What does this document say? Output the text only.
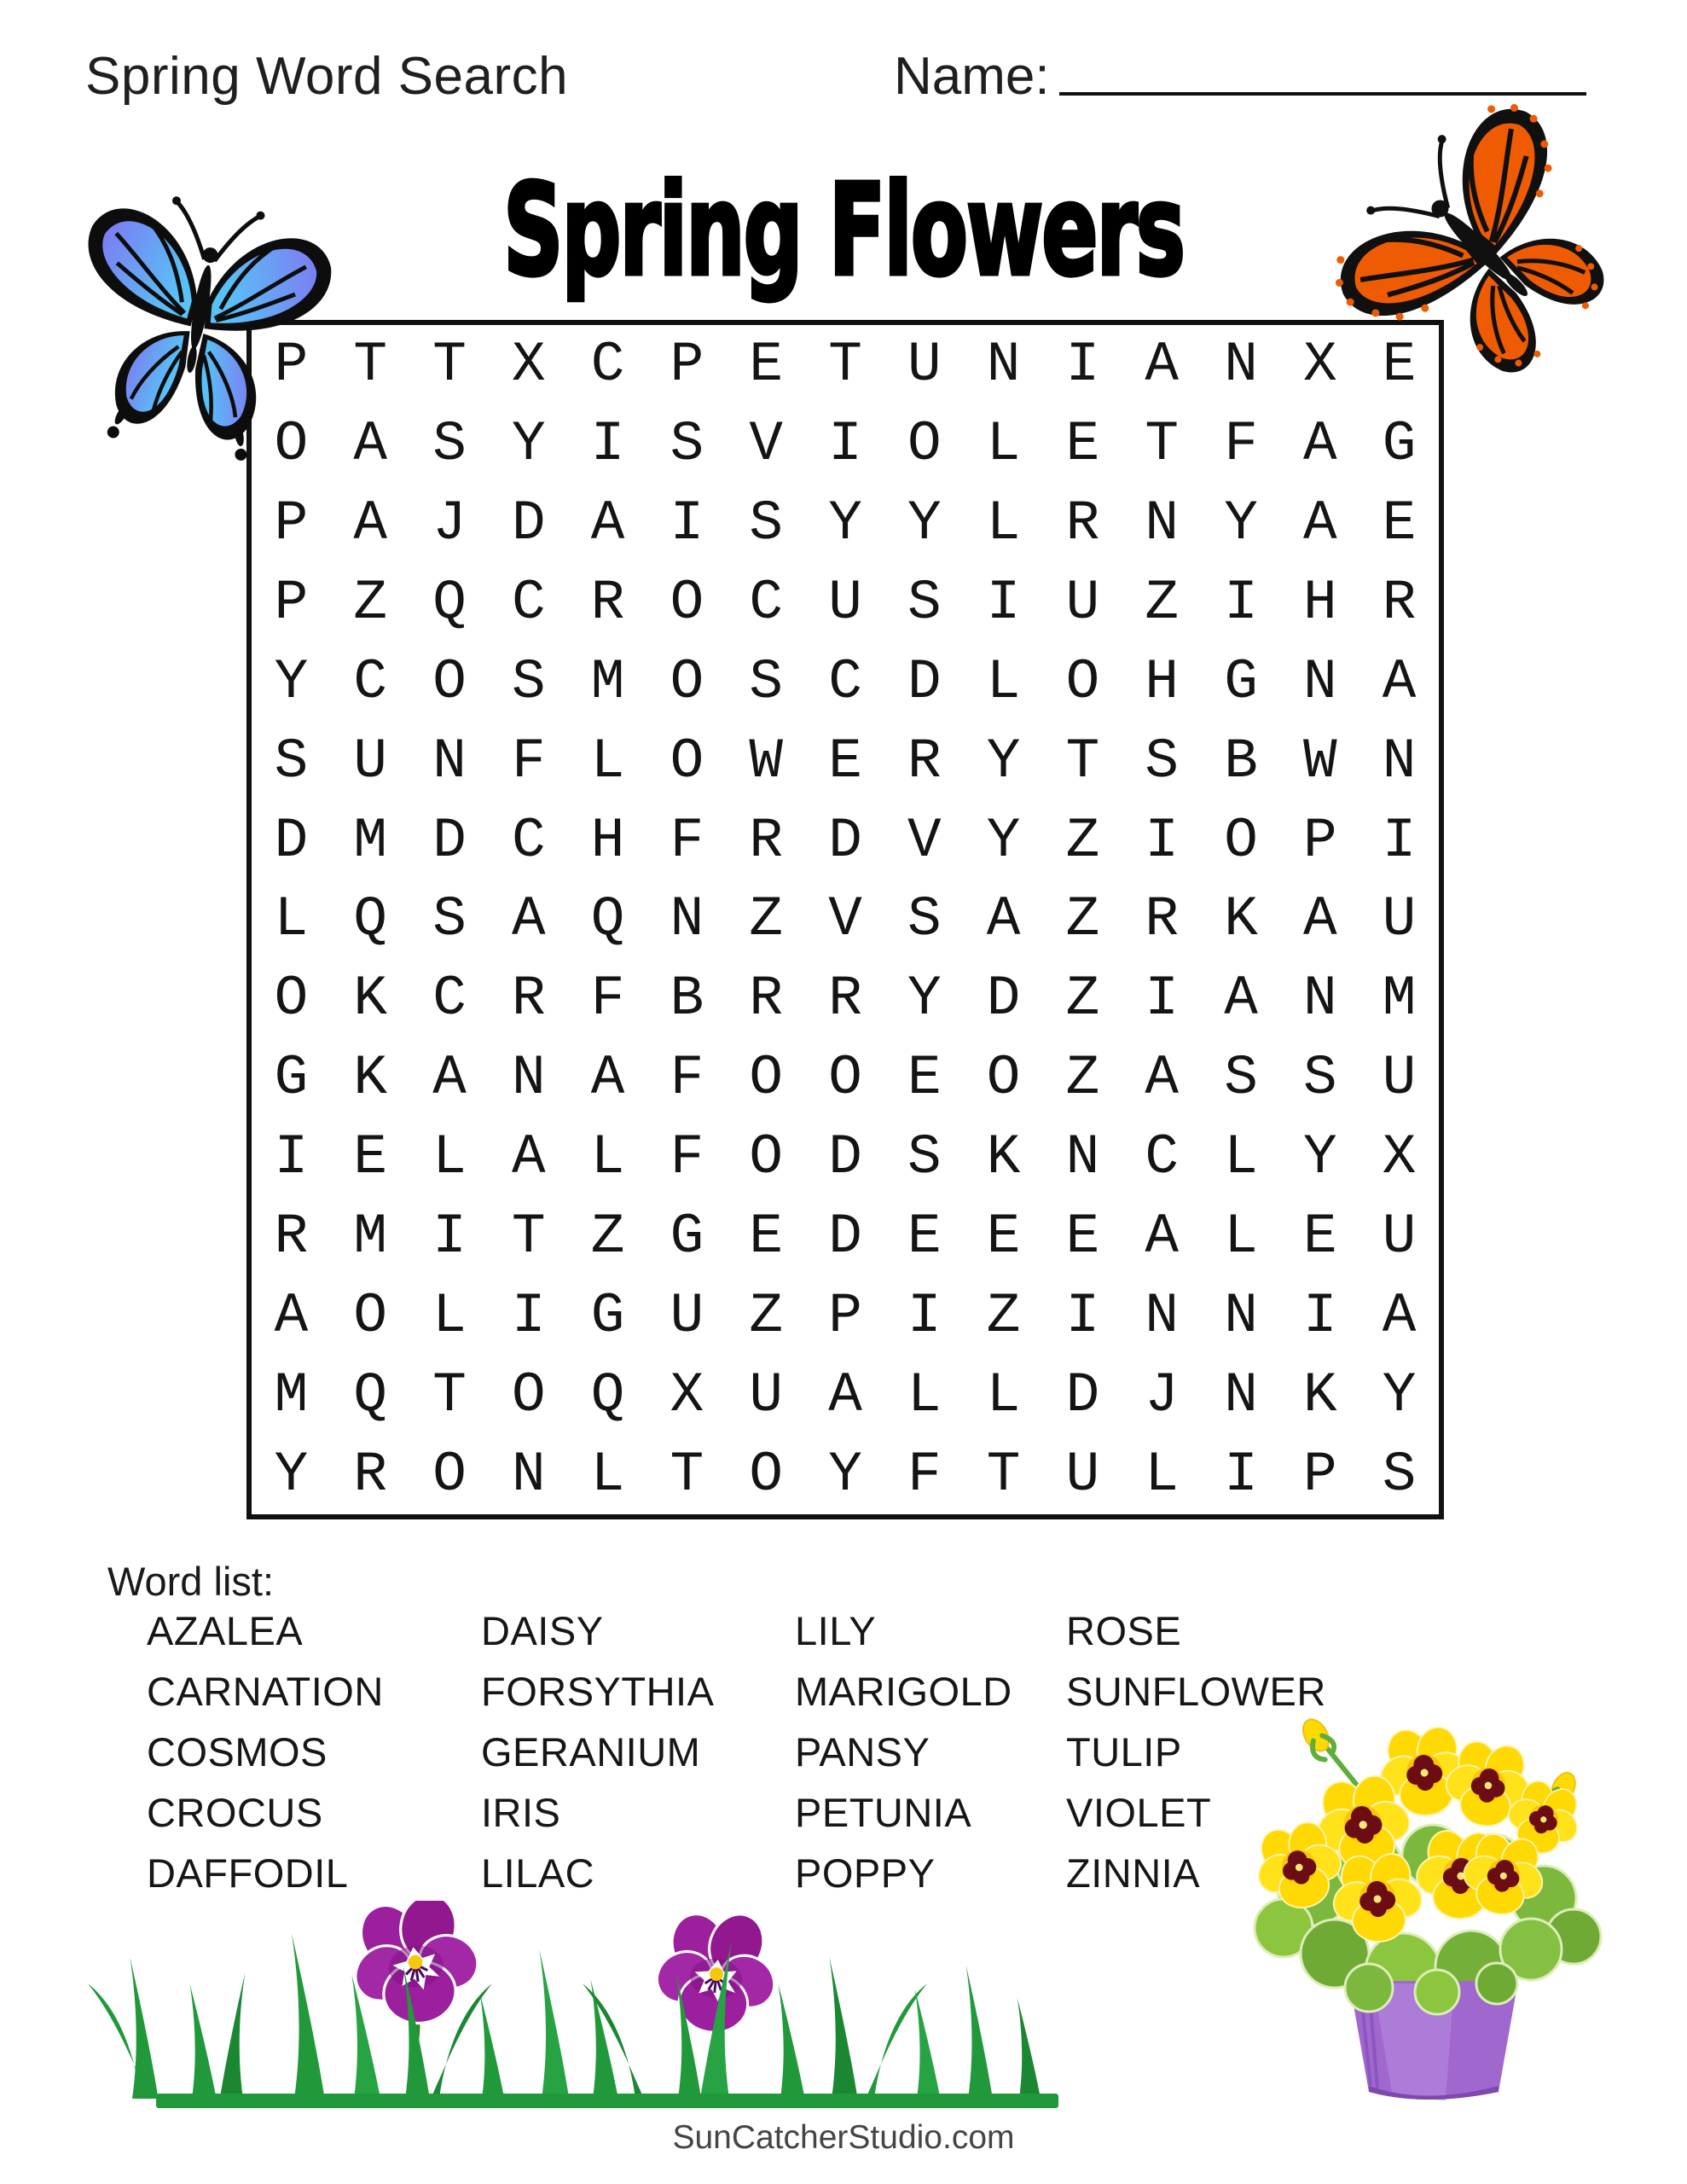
Spring Word Search	Name:
Spring Flowers
P T T X C P E T U N I A N X E
O A S Y I S V I O L E T F A G
P A J D A I S Y Y L R N Y A E
P Z Q C R O C U S I U Z I H R
Y C O S M O S C D L O H G N A
S U N F L O W E R Y T S B W N
D M D C H F R D V Y Z I O P I
L Q S A Q N Z V S A Z R K A U
O K C R F B R R Y D Z I A N M
G K A N A F O O E O Z A S S U
I E L A L F O D S K N C L Y X
R M I T Z G E D E E E A L E U
A O L I G U Z P I Z I N N I A
M Q T O Q X U A L L D J N K Y
Y R O N L T O Y F T U L I P S
Word list:
AZALEA
CARNATION
COSMOS
CROCUS
DAFFODIL
DAISY
FORSYTHIA
GERANIUM
IRIS
LILAC
LILY
MARIGOLD
PANSY
PETUNIA
POPPY
ROSE
SUNFLOWER
TULIP
VIOLET
ZINNIA
SunCatcherStudio.com
